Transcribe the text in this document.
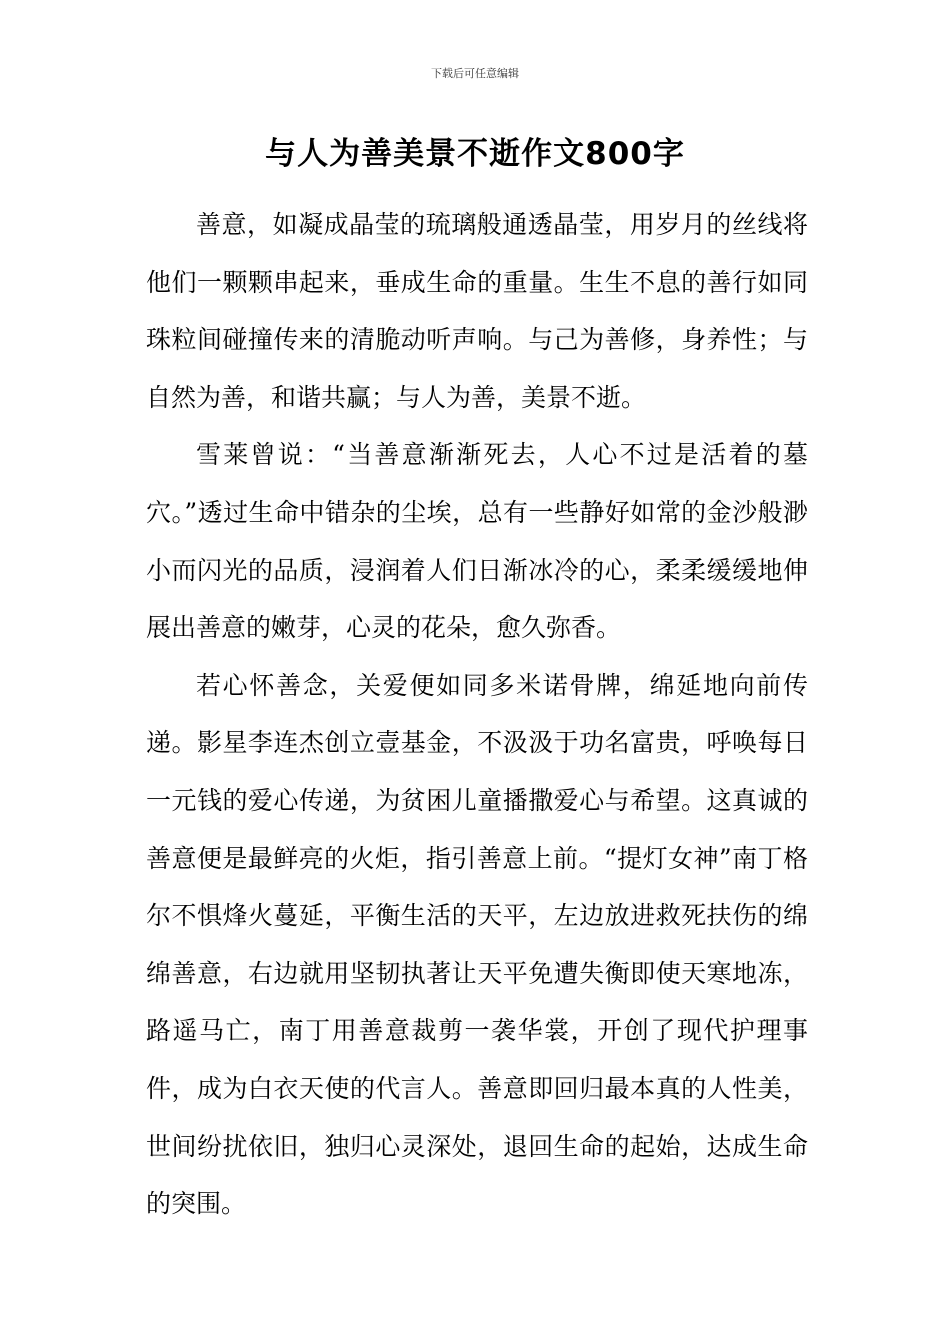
下载后可任意编辑
与人为善美景不逝作文800字

善意，如凝成晶莹的琉璃般通透晶莹，用岁月的丝线将他们一颗颗串起来，垂成生命的重量。生生不息的善行如同珠粒间碰撞传来的清脆动听声响。与己为善修，身养性；与自然为善，和谐共赢；与人为善，美景不逝。

雪莱曾说：“当善意渐渐死去，人心不过是活着的墓穴。”透过生命中错杂的尘埃，总有一些静好如常的金沙般渺小而闪光的品质，浸润着人们日渐冰冷的心，柔柔缓缓地伸展出善意的嫩芽，心灵的花朵，愈久弥香。

若心怀善念，关爱便如同多米诺骨牌，绵延地向前传递。影星李连杰创立壹基金，不汲汲于功名富贵，呼唤每日一元钱的爱心传递，为贫困儿童播撒爱心与希望。这真诚的善意便是最鲜亮的火炬，指引善意上前。“提灯女神”南丁格尔不惧烽火蔓延，平衡生活的天平，左边放进救死扶伤的绵绵善意，右边就用坚韧执著让天平免遭失衡即使天寒地冻，路遥马亡，南丁用善意裁剪一袭华裳，开创了现代护理事件，成为白衣天使的代言人。善意即回归最本真的人性美，世间纷扰依旧，独归心灵深处，退回生命的起始，达成生命的突围。
